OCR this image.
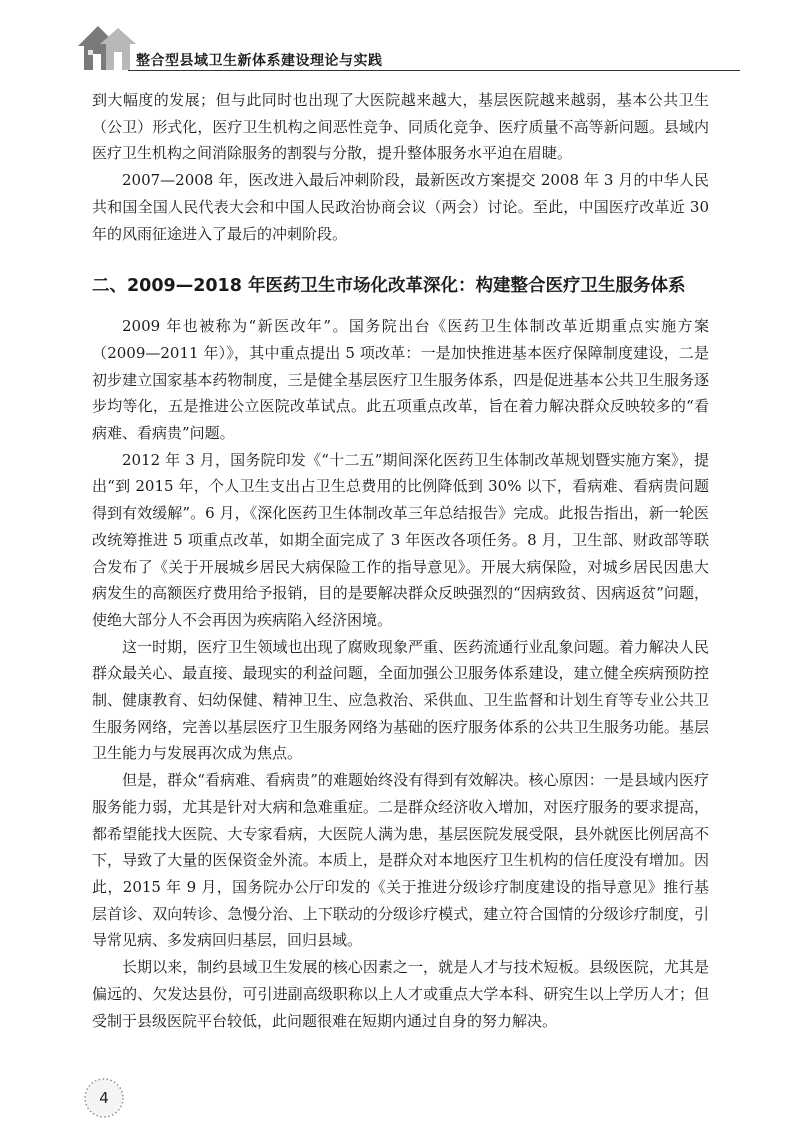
整合型县域卫生新体系建设理论与实践

到大幅度的发展；但与此同时也出现了大医院越来越大，基层医院越来越弱，基本公共卫生（公卫）形式化，医疗卫生机构之间恶性竞争、同质化竞争、医疗质量不高等新问题。县域内医疗卫生机构之间消除服务的割裂与分散，提升整体服务水平迫在眉睫。

2007—2008 年，医改进入最后冲刺阶段，最新医改方案提交 2008 年 3 月的中华人民共和国全国人民代表大会和中国人民政治协商会议（两会）讨论。至此，中国医疗改革近 30 年的风雨征途进入了最后的冲刺阶段。

二、2009—2018 年医药卫生市场化改革深化：构建整合医疗卫生服务体系

2009 年也被称为“新医改年”。国务院出台《医药卫生体制改革近期重点实施方案（2009—2011 年）》，其中重点提出 5 项改革：一是加快推进基本医疗保障制度建设，二是初步建立国家基本药物制度，三是健全基层医疗卫生服务体系，四是促进基本公共卫生服务逐步均等化，五是推进公立医院改革试点。此五项重点改革，旨在着力解决群众反映较多的“看病难、看病贵”问题。

2012 年 3 月，国务院印发《“十二五”期间深化医药卫生体制改革规划暨实施方案》，提出“到 2015 年，个人卫生支出占卫生总费用的比例降低到 30% 以下，看病难、看病贵问题得到有效缓解”。6 月，《深化医药卫生体制改革三年总结报告》完成。此报告指出，新一轮医改统筹推进 5 项重点改革，如期全面完成了 3 年医改各项任务。8 月，卫生部、财政部等联合发布了《关于开展城乡居民大病保险工作的指导意见》。开展大病保险，对城乡居民因患大病发生的高额医疗费用给予报销，目的是要解决群众反映强烈的“因病致贫、因病返贫”问题，使绝大部分人不会再因为疾病陷入经济困境。

这一时期，医疗卫生领域也出现了腐败现象严重、医药流通行业乱象问题。着力解决人民群众最关心、最直接、最现实的利益问题，全面加强公卫服务体系建设，建立健全疾病预防控制、健康教育、妇幼保健、精神卫生、应急救治、采供血、卫生监督和计划生育等专业公共卫生服务网络，完善以基层医疗卫生服务网络为基础的医疗服务体系的公共卫生服务功能。基层卫生能力与发展再次成为焦点。

但是，群众“看病难、看病贵”的难题始终没有得到有效解决。核心原因：一是县域内医疗服务能力弱，尤其是针对大病和急难重症。二是群众经济收入增加，对医疗服务的要求提高，都希望能找大医院、大专家看病，大医院人满为患，基层医院发展受限，县外就医比例居高不下，导致了大量的医保资金外流。本质上，是群众对本地医疗卫生机构的信任度没有增加。因此，2015 年 9 月，国务院办公厅印发的《关于推进分级诊疗制度建设的指导意见》推行基层首诊、双向转诊、急慢分治、上下联动的分级诊疗模式，建立符合国情的分级诊疗制度，引导常见病、多发病回归基层，回归县域。

长期以来，制约县域卫生发展的核心因素之一，就是人才与技术短板。县级医院，尤其是偏远的、欠发达县份，可引进副高级职称以上人才或重点大学本科、研究生以上学历人才；但受制于县级医院平台较低，此问题很难在短期内通过自身的努力解决。

4
